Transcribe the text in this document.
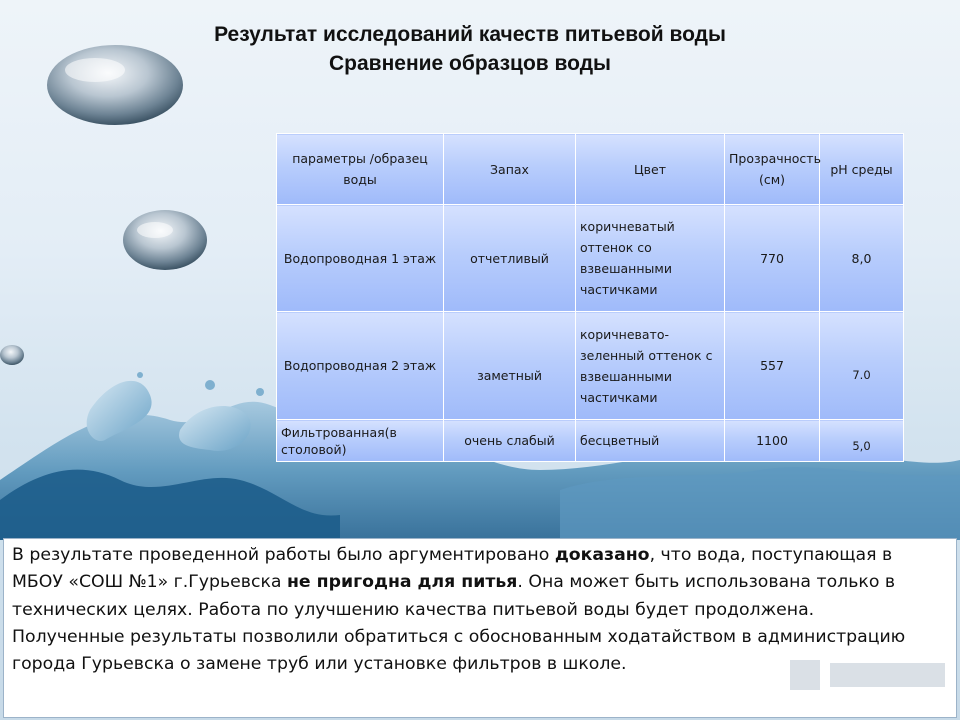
Результат исследований качеств питьевой воды
Сравнение образцов воды
параметры /образец воды	Запах	Цвет	Прозрачность (см)	рН среды
Водопроводная 1 этаж	отчетливый	коричневатый оттенок со взвешанными частичками	770	8,0
Водопроводная 2 этаж	заметный	коричневато-зеленный оттенок с взвешанными частичками	557	7.0
Фильтрованная(в столовой)	очень слабый	бесцветный	1100	5,0

В результате проведенной работы было аргументировано доказано, что вода, поступающая в МБОУ «СОШ №1» г.Гурьевска не пригодна для питья. Она может быть использована только в технических целях. Работа по улучшению качества питьевой воды будет продолжена.

Полученные результаты позволили обратиться с обоснованным ходатайством в администрацию города Гурьевска о замене труб или установке фильтров в школе.
